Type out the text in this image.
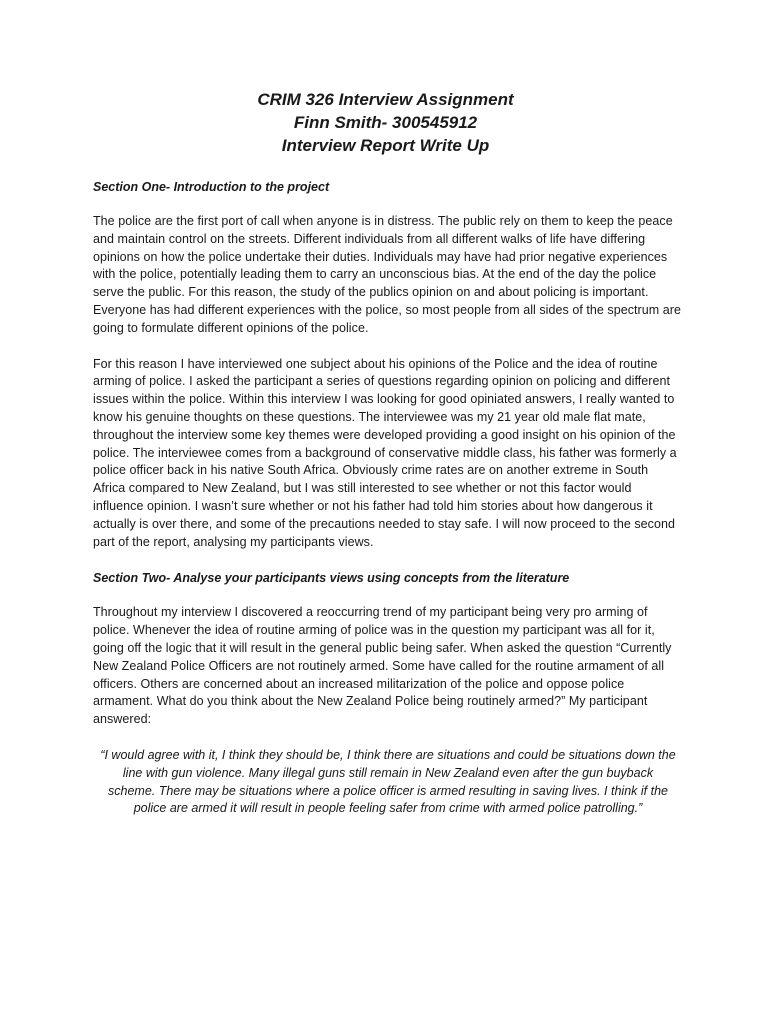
CRIM 326 Interview Assignment
Finn Smith- 300545912
Interview Report Write Up

Section One- Introduction to the project

The police are the first port of call when anyone is in distress. The public rely on them to keep the peace and maintain control on the streets. Different individuals from all different walks of life have differing opinions on how the police undertake their duties. Individuals may have had prior negative experiences with the police, potentially leading them to carry an unconscious bias. At the end of the day the police serve the public. For this reason, the study of the publics opinion on and about policing is important. Everyone has had different experiences with the police, so most people from all sides of the spectrum are going to formulate different opinions of the police.

For this reason I have interviewed one subject about his opinions of the Police and the idea of routine arming of police. I asked the participant a series of questions regarding opinion on policing and different issues within the police. Within this interview I was looking for good opiniated answers, I really wanted to know his genuine thoughts on these questions. The interviewee was my 21 year old male flat mate, throughout the interview some key themes were developed providing a good insight on his opinion of the police. The interviewee comes from a background of conservative middle class, his father was formerly a police officer back in his native South Africa. Obviously crime rates are on another extreme in South Africa compared to New Zealand, but I was still interested to see whether or not this factor would influence opinion. I wasn’t sure whether or not his father had told him stories about how dangerous it actually is over there, and some of the precautions needed to stay safe. I will now proceed to the second part of the report, analysing my participants views.

Section Two- Analyse your participants views using concepts from the literature

Throughout my interview I discovered a reoccurring trend of my participant being very pro arming of police. Whenever the idea of routine arming of police was in the question my participant was all for it, going off the logic that it will result in the general public being safer. When asked the question “Currently New Zealand Police Officers are not routinely armed. Some have called for the routine armament of all officers. Others are concerned about an increased militarization of the police and oppose police armament. What do you think about the New Zealand Police being routinely armed?” My participant answered:

“I would agree with it, I think they should be, I think there are situations and could be situations down the line with gun violence. Many illegal guns still remain in New Zealand even after the gun buyback scheme. There may be situations where a police officer is armed resulting in saving lives. I think if the police are armed it will result in people feeling safer from crime with armed police patrolling.”
